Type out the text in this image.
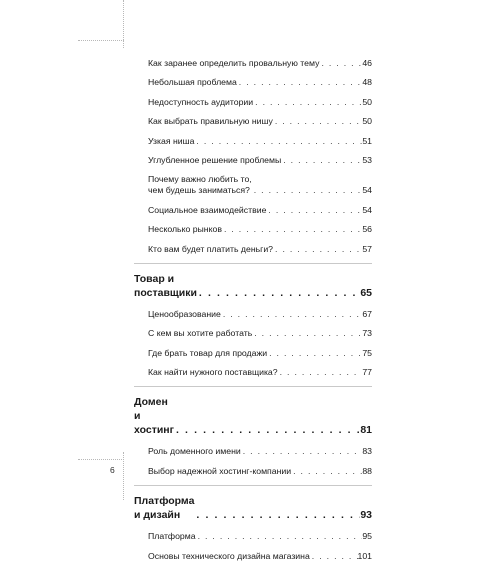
Как заранее определить провальную тему . . .	46
Небольшая проблема . . .	48
Недоступность аудитории . . .	50
Как выбрать правильную нишу . . .	50
Узкая ниша . . .	51
Углубленное решение проблемы . . .	53
Почему важно любить то,
чем будешь заниматься? . . .	54
Социальное взаимодействие . . .	54
Несколько рынков . . .	56
Кто вам будет платить деньги? . . .	57
Товар и поставщики . . .	65
Ценообразование . . .	67
С кем вы хотите работать . . .	73
Где брать товар для продажи . . .	75
Как найти нужного поставщика? . . .	77
Домен и хостинг . . .	81
Роль доменного имени . . .	83
Выбор надежной хостинг-компании . . .	88
Платформа и дизайн . . .	93
Платформа . . .	95
Основы технического дизайна магазина . . .	101
6
